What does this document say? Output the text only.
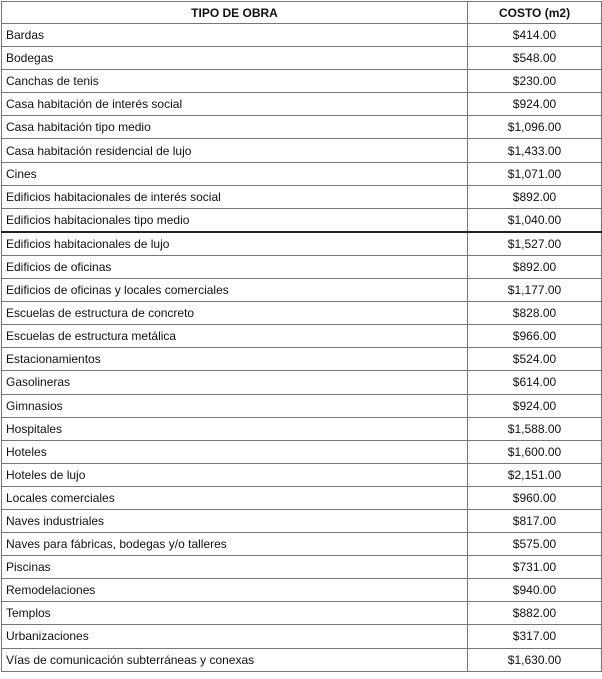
TIPO DE OBRA	COSTO (m2)
Bardas	$414.00
Bodegas	$548.00
Canchas de tenis	$230.00
Casa habitación de interés social	$924.00
Casa habitación tipo medio	$1,096.00
Casa habitación residencial de lujo	$1,433.00
Cines	$1,071.00
Edificios habitacionales de interés social	$892.00
Edificios habitacionales tipo medio	$1,040.00
Edificios habitacionales de lujo	$1,527.00
Edificios de oficinas	$892.00
Edificios de oficinas y locales comerciales	$1,177.00
Escuelas de estructura de concreto	$828.00
Escuelas de estructura metálica	$966.00
Estacionamientos	$524.00
Gasolineras	$614.00
Gimnasios	$924.00
Hospitales	$1,588.00
Hoteles	$1,600.00
Hoteles de lujo	$2,151.00
Locales comerciales	$960.00
Naves industriales	$817.00
Naves para fábricas, bodegas y/o talleres	$575.00
Piscinas	$731.00
Remodelaciones	$940.00
Templos	$882.00
Urbanizaciones	$317.00
Vías de comunicación subterráneas y conexas	$1,630.00
